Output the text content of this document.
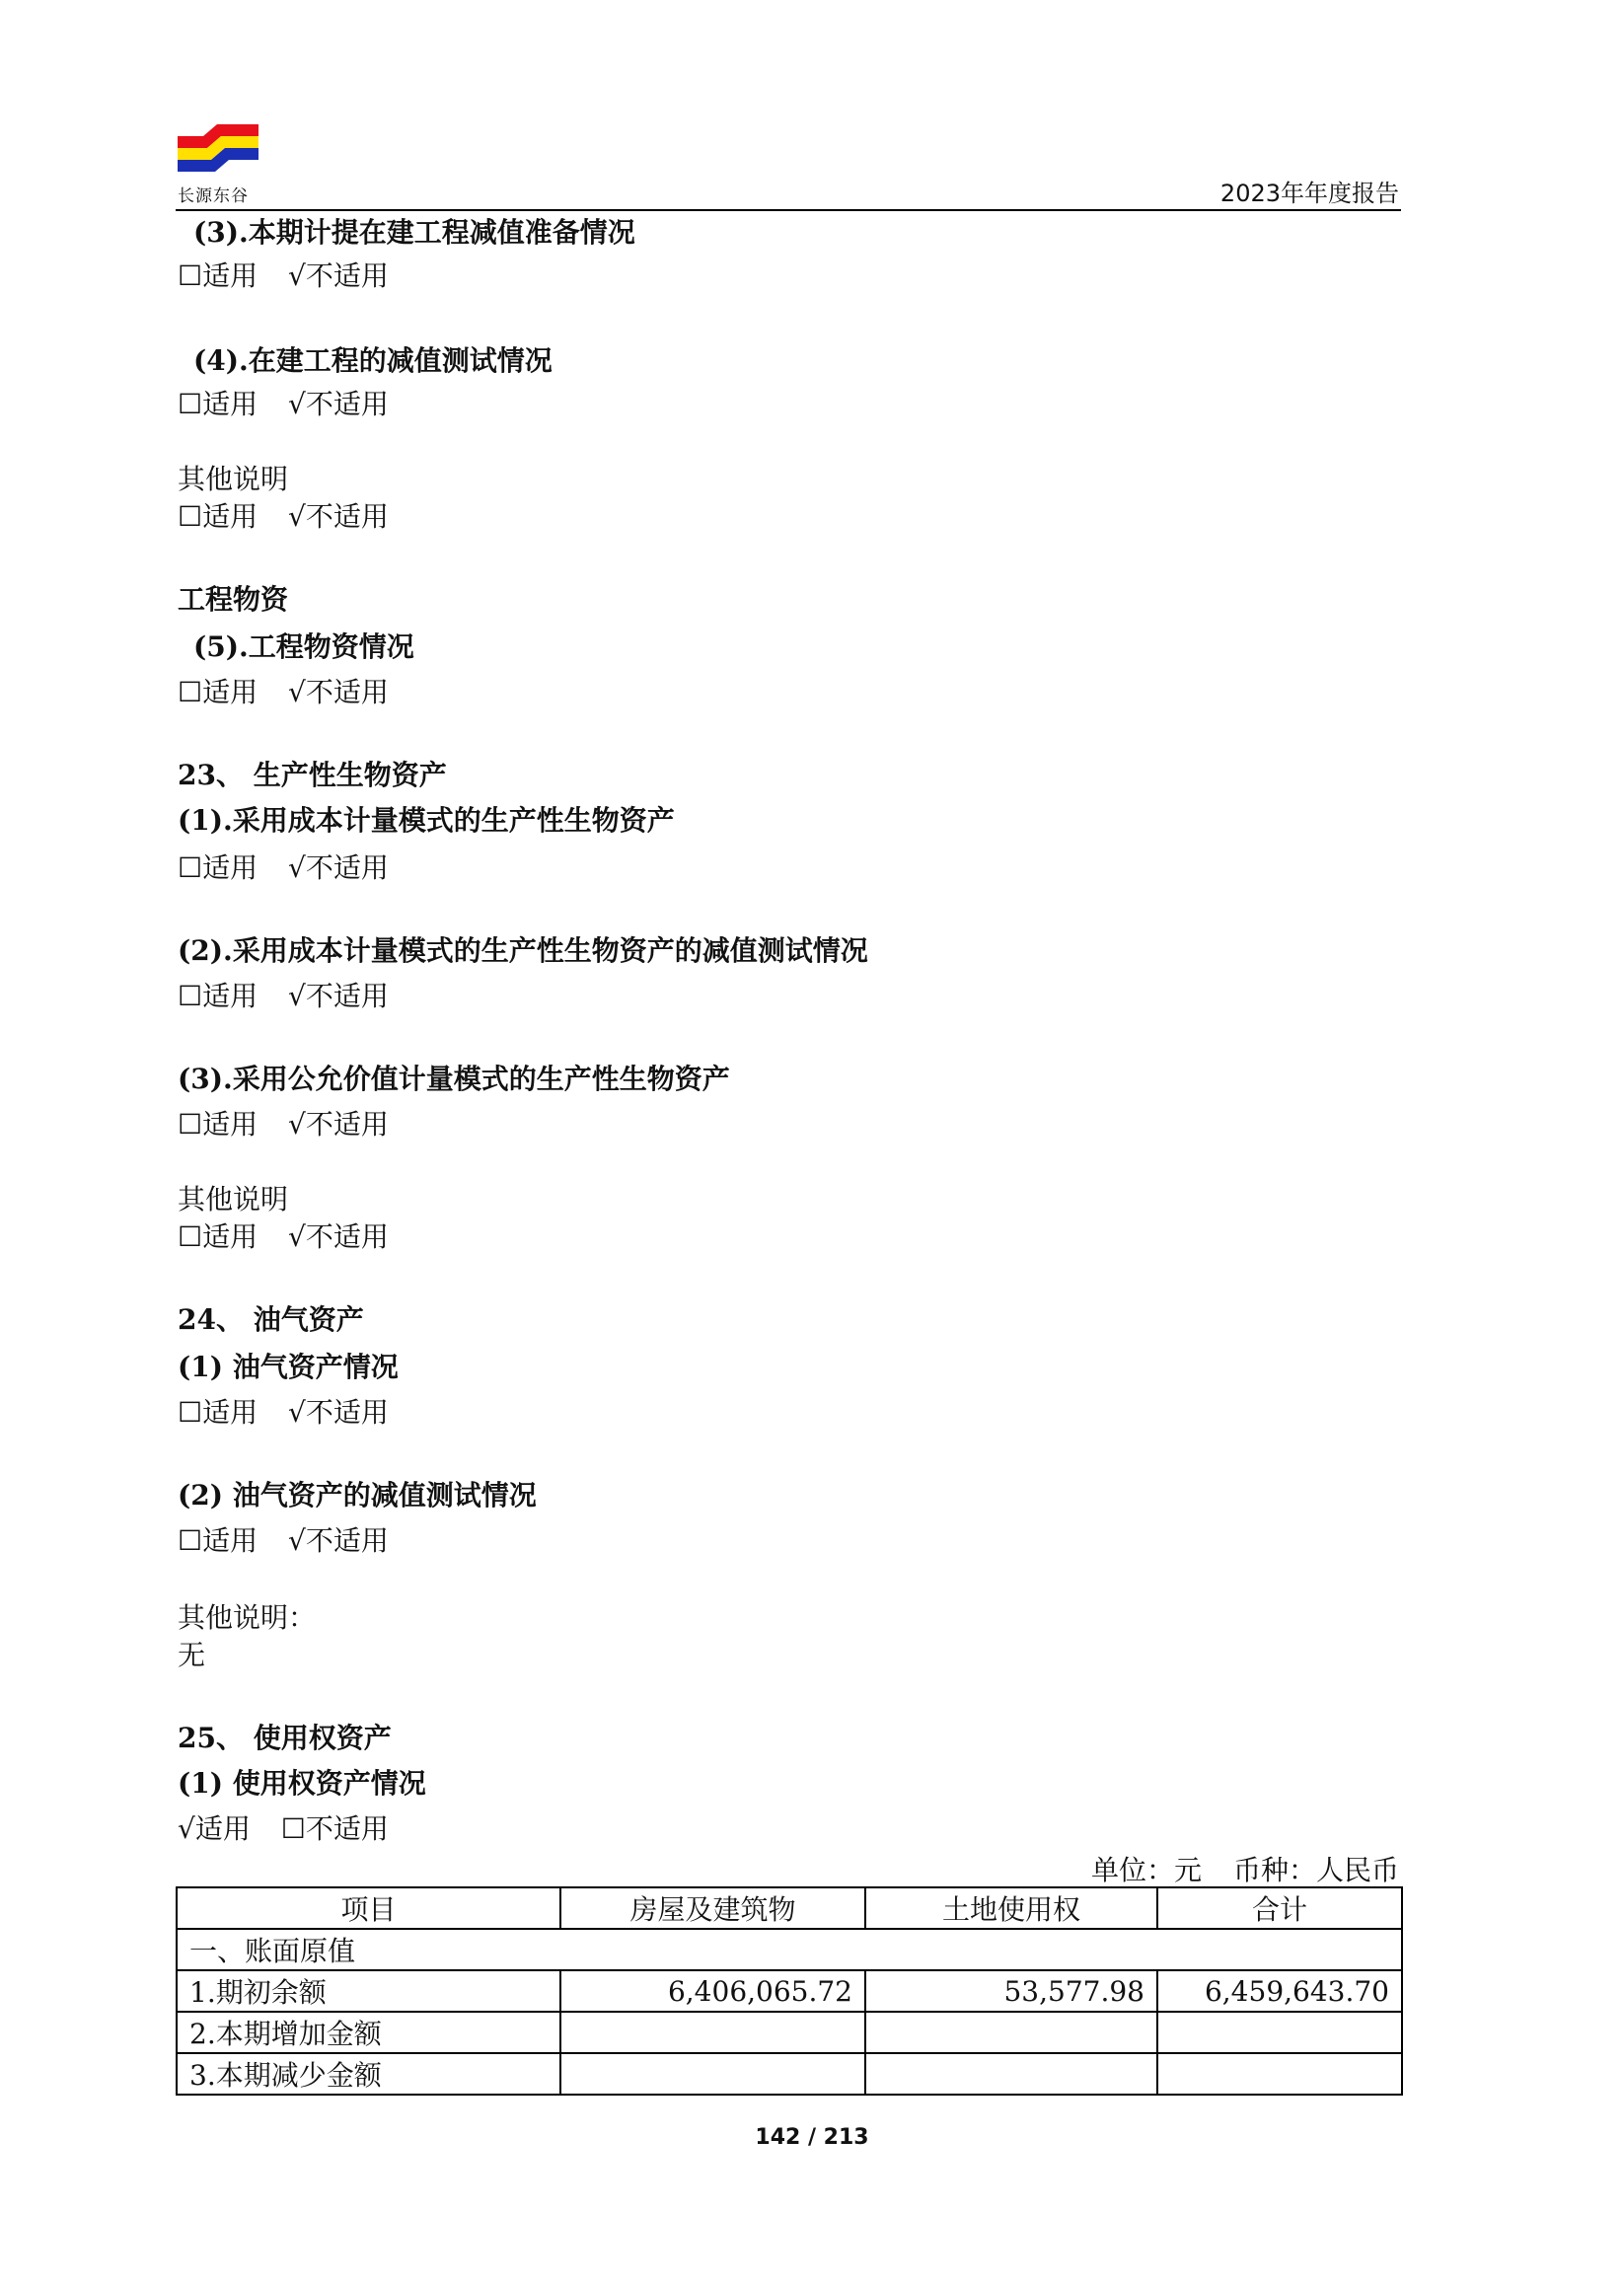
长源东谷	2023年年度报告
(3).本期计提在建工程减值准备情况
☐适用 √不适用
(4).在建工程的减值测试情况
☐适用 √不适用
其他说明
☐适用 √不适用
工程物资
(5).工程物资情况
☐适用 √不适用
23、 生产性生物资产
(1).采用成本计量模式的生产性生物资产
☐适用 √不适用
(2).采用成本计量模式的生产性生物资产的减值测试情况
☐适用 √不适用
(3).采用公允价值计量模式的生产性生物资产
☐适用 √不适用
其他说明
☐适用 √不适用
24、 油气资产
(1) 油气资产情况
☐适用 √不适用
(2) 油气资产的减值测试情况
☐适用 √不适用
其他说明：
无
25、 使用权资产
(1) 使用权资产情况
√适用 ☐不适用
单位：元 币种：人民币
项目	房屋及建筑物	土地使用权	合计
一、账面原值			
1.期初余额	6,406,065.72	53,577.98	6,459,643.70
2.本期增加金额			
3.本期减少金额			
142 / 213
